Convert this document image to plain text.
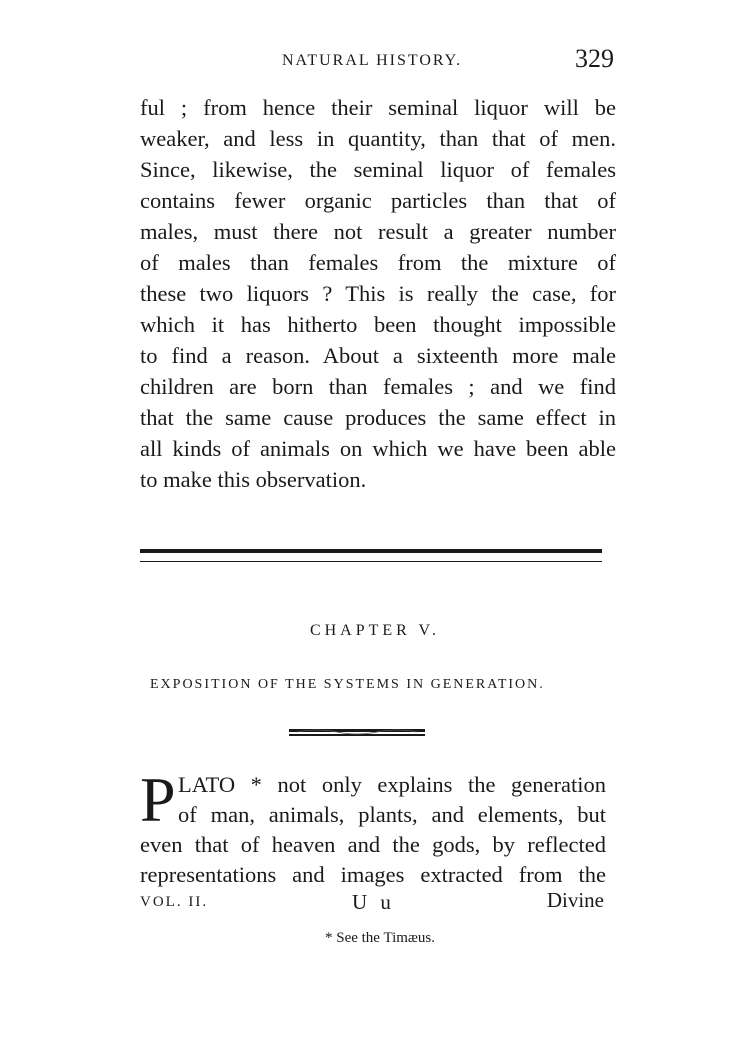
NATURAL HISTORY.	329
ful ; from hence their seminal liquor will be
weaker, and less in quantity, than that of men.
Since, likewise, the seminal liquor of females
contains fewer organic particles than that of
males, must there not result a greater number
of males than females from the mixture of
these two liquors ? This is really the case, for
which it has hitherto been thought impossible
to find a reason. About a sixteenth more male
children are born than females ; and we find
that the same cause produces the same effect in
all kinds of animals on which we have been able
to make this observation.
CHAPTER V.
EXPOSITION OF THE SYSTEMS IN GENERATION.
P LATO * not only explains the generation
of man, animals, plants, and elements, but
even that of heaven and the gods, by reflected
representations and images extracted from the
VOL. II.	U u	Divine
* See the Timæus.
